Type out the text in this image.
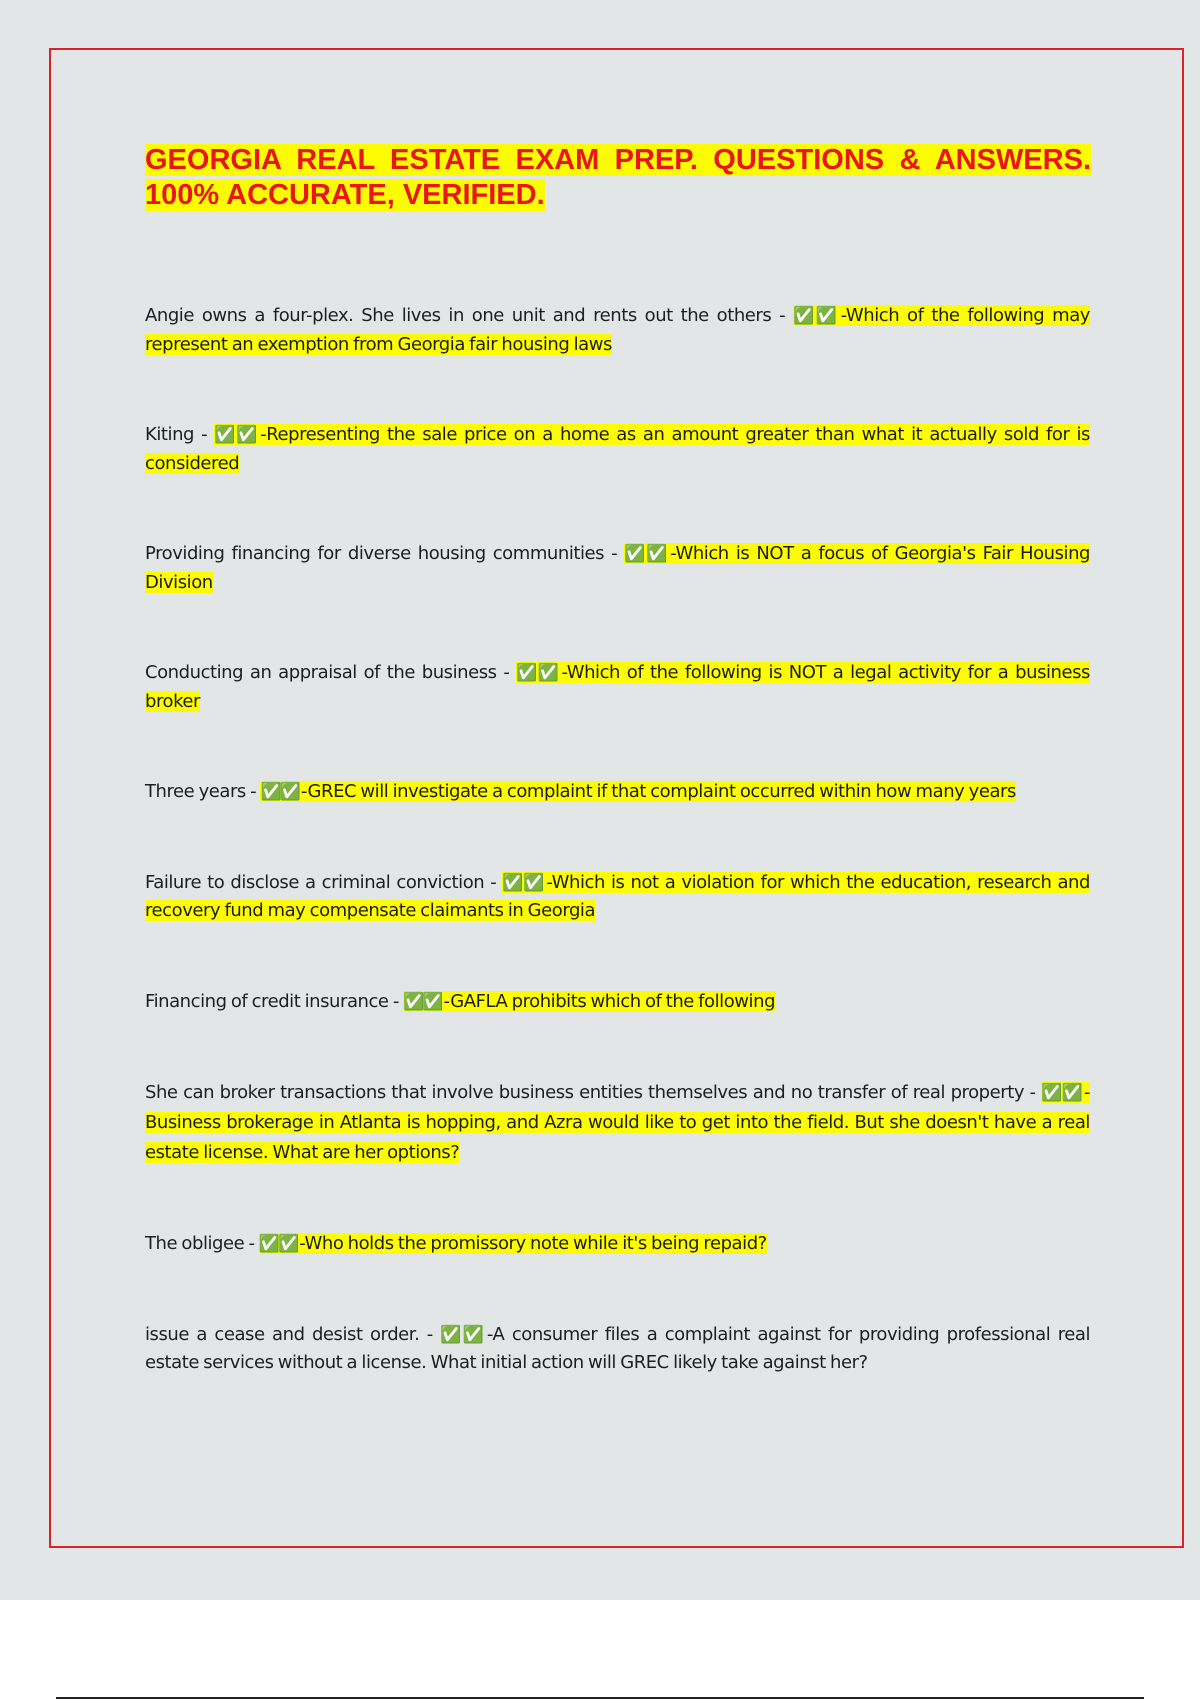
GEORGIA REAL ESTATE EXAM PREP. QUESTIONS & ANSWERS. 100% ACCURATE, VERIFIED.
Angie owns a four-plex. She lives in one unit and rents out the others - ✅✅ -Which of the following may represent an exemption from Georgia fair housing laws
Kiting - ✅✅ -Representing the sale price on a home as an amount greater than what it actually sold for is considered
Providing financing for diverse housing communities - ✅✅ -Which is NOT a focus of Georgia's Fair Housing Division
Conducting an appraisal of the business - ✅✅ -Which of the following is NOT a legal activity for a business broker
Three years - ✅✅ -GREC will investigate a complaint if that complaint occurred within how many years
Failure to disclose a criminal conviction - ✅✅ -Which is not a violation for which the education, research and recovery fund may compensate claimants in Georgia
Financing of credit insurance - ✅✅ -GAFLA prohibits which of the following
She can broker transactions that involve business entities themselves and no transfer of real property - ✅✅ -Business brokerage in Atlanta is hopping, and Azra would like to get into the field. But she doesn't have a real estate license. What are her options?
The obligee - ✅✅ -Who holds the promissory note while it's being repaid?
issue a cease and desist order. - ✅✅ -A consumer files a complaint against for providing professional real estate services without a license. What initial action will GREC likely take against her?
